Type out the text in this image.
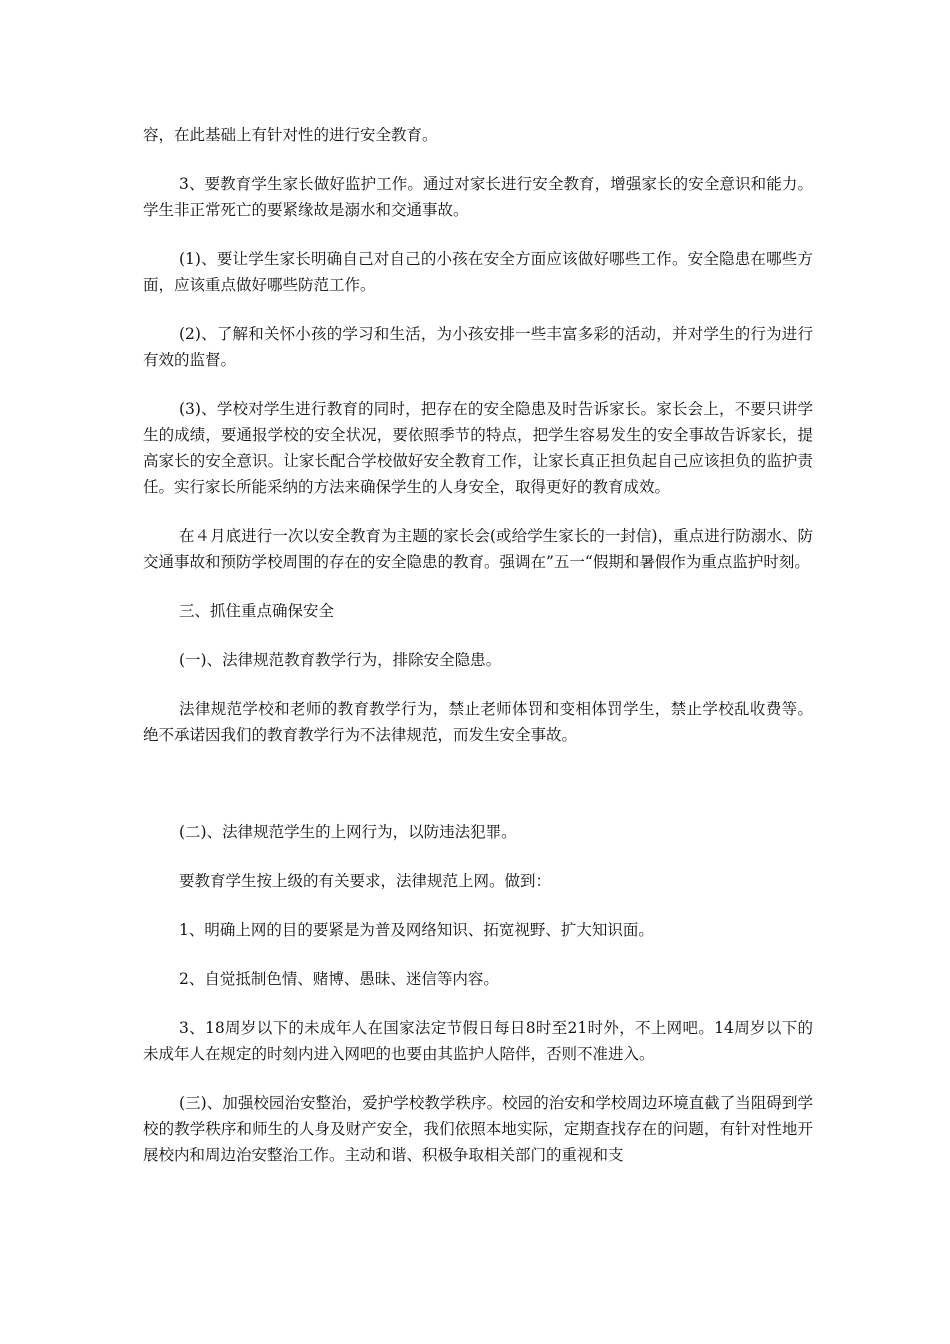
容，在此基础上有针对性的进行安全教育。

3、要教育学生家长做好监护工作。通过对家长进行安全教育，增强家长的安全意识和能力。学生非正常死亡的要紧缘故是溺水和交通事故。

(1)、要让学生家长明确自己对自己的小孩在安全方面应该做好哪些工作。安全隐患在哪些方面，应该重点做好哪些防范工作。

(2)、了解和关怀小孩的学习和生活，为小孩安排一些丰富多彩的活动，并对学生的行为进行有效的监督。

(3)、学校对学生进行教育的同时，把存在的安全隐患及时告诉家长。家长会上，不要只讲学生的成绩，要通报学校的安全状况，要依照季节的特点，把学生容易发生的安全事故告诉家长，提高家长的安全意识。让家长配合学校做好安全教育工作，让家长真正担负起自己应该担负的监护责任。实行家长所能采纳的方法来确保学生的人身安全，取得更好的教育成效。

在４月底进行一次以安全教育为主题的家长会(或给学生家长的一封信)，重点进行防溺水、防交通事故和预防学校周围的存在的安全隐患的教育。强调在”五一“假期和暑假作为重点监护时刻。

三、抓住重点确保安全

(一)、法律规范教育教学行为，排除安全隐患。

法律规范学校和老师的教育教学行为，禁止老师体罚和变相体罚学生，禁止学校乱收费等。绝不承诺因我们的教育教学行为不法律规范，而发生安全事故。

(二)、法律规范学生的上网行为，以防违法犯罪。

要教育学生按上级的有关要求，法律规范上网。做到：

1、明确上网的目的要紧是为普及网络知识、拓宽视野、扩大知识面。

2、自觉抵制色情、赌博、愚昧、迷信等内容。

3、18周岁以下的未成年人在国家法定节假日每日8时至21时外，不上网吧。14周岁以下的未成年人在规定的时刻内进入网吧的也要由其监护人陪伴，否则不准进入。

(三)、加强校园治安整治，爱护学校教学秩序。校园的治安和学校周边环境直截了当阻碍到学校的教学秩序和师生的人身及财产安全，我们依照本地实际，定期查找存在的问题，有针对性地开展校内和周边治安整治工作。主动和谐、积极争取相关部门的重视和支
